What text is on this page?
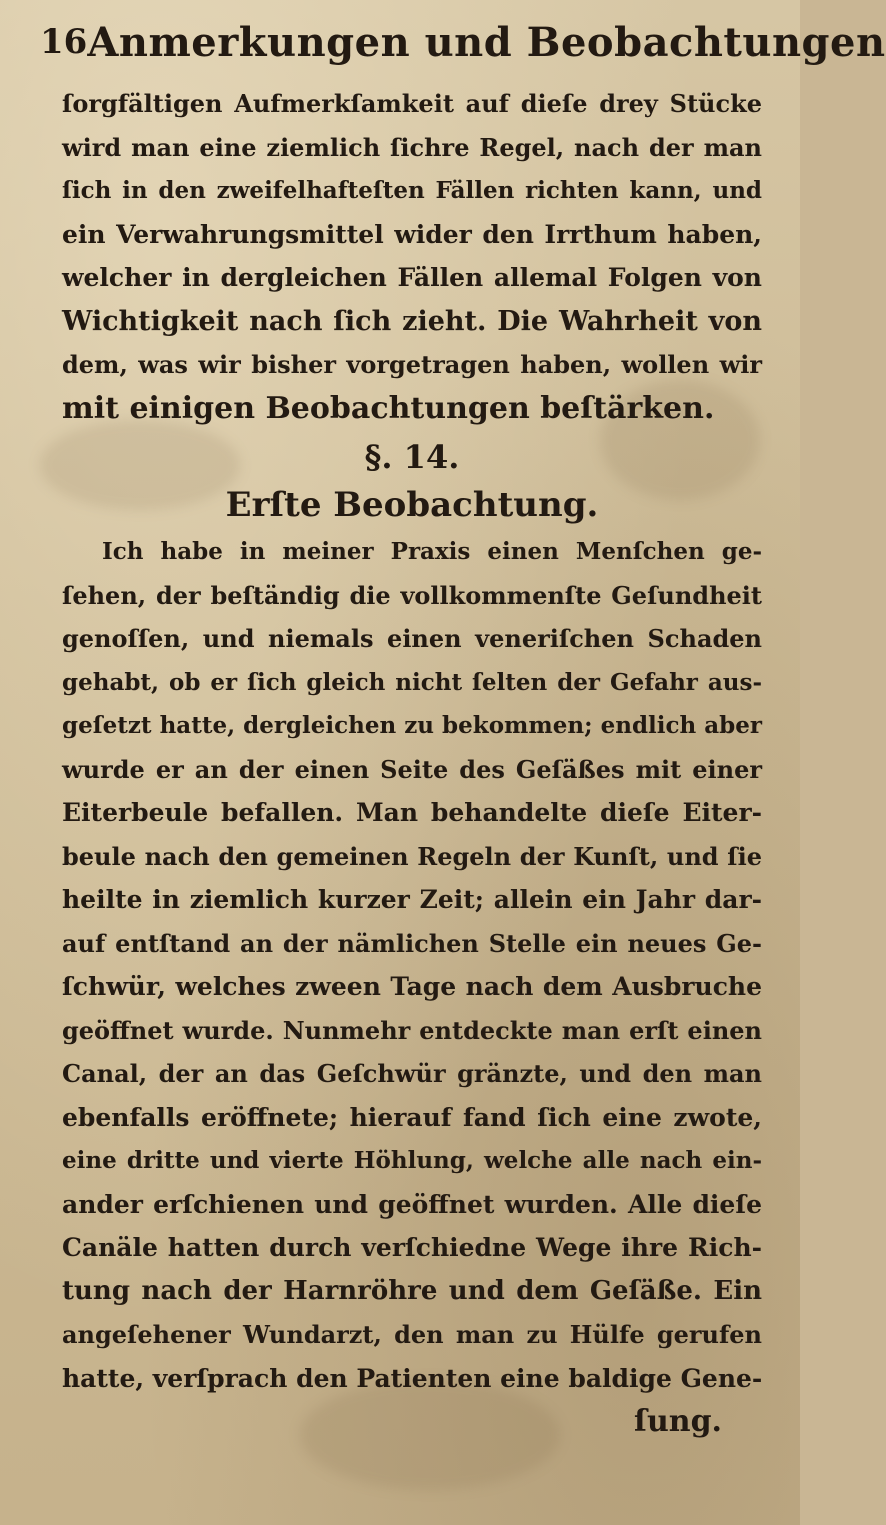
16 Anmerkungen und Beobachtungen
ſorgfältigen Aufmerkſamkeit auf dieſe drey Stücke
wird man eine ziemlich ſichre Regel, nach der man
ſich in den zweifelhafteſten Fällen richten kann, und
ein Verwahrungsmittel wider den Irrthum haben,
welcher in dergleichen Fällen allemal Folgen von
Wichtigkeit nach ſich zieht. Die Wahrheit von
dem, was wir bisher vorgetragen haben, wollen wir
mit einigen Beobachtungen beſtärken.
§. 14.
Erſte Beobachtung.
Ich habe in meiner Praxis einen Menſchen ge-
ſehen, der beſtändig die vollkommenſte Geſundheit
genoſſen, und niemals einen veneriſchen Schaden
gehabt, ob er ſich gleich nicht ſelten der Gefahr aus-
geſetzt hatte, dergleichen zu bekommen; endlich aber
wurde er an der einen Seite des Geſäßes mit einer
Eiterbeule befallen. Man behandelte dieſe Eiter-
beule nach den gemeinen Regeln der Kunſt, und ſie
heilte in ziemlich kurzer Zeit; allein ein Jahr dar-
auf entſtand an der nämlichen Stelle ein neues Ge-
ſchwür, welches zween Tage nach dem Ausbruche
geöffnet wurde. Nunmehr entdeckte man erſt einen
Canal, der an das Geſchwür gränzte, und den man
ebenfalls eröffnete; hierauf fand ſich eine zwote,
eine dritte und vierte Höhlung, welche alle nach ein-
ander erſchienen und geöffnet wurden. Alle dieſe
Canäle hatten durch verſchiedne Wege ihre Rich-
tung nach der Harnröhre und dem Geſäße. Ein
angeſehener Wundarzt, den man zu Hülfe gerufen
hatte, verſprach den Patienten eine baldige Gene-
ſung.
